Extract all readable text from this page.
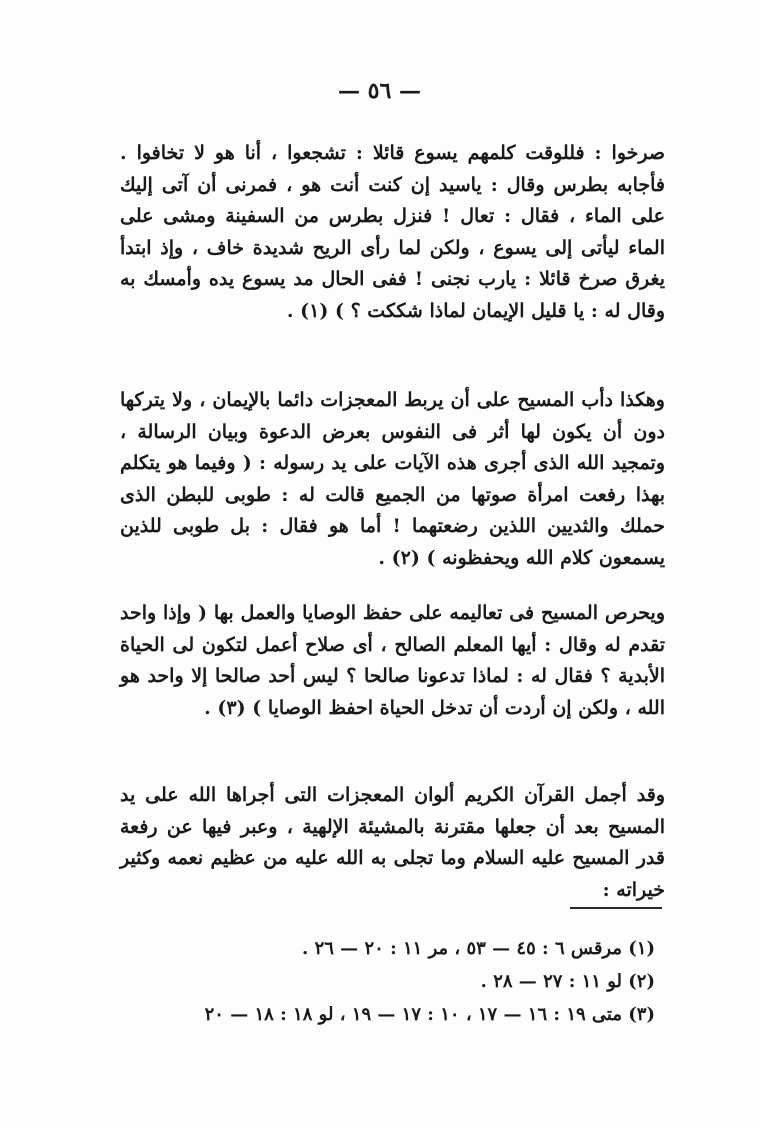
— ٥٦ —

صرخوا : فللوقت كلمهم يسوع قائلا : تشجعوا ، أنا هو لا تخافوا . فأجابه بطرس وقال : ياسيد إن كنت أنت هو ، فمرنى أن آتى إليك على الماء ، فقال : تعال ! فنزل بطرس من السفينة ومشى على الماء ليأتى إلى يسوع ، ولكن لما رأى الريح شديدة خاف ، وإذ ابتدأ يغرق صرخ قائلا : يارب نجنى ! ففى الحال مد يسوع يده وأمسك به وقال له : يا قليل الإيمان لماذا شككت ؟ ) (١) .

وهكذا دأب المسيح على أن يربط المعجزات دائما بالإيمان ، ولا يتركها دون أن يكون لها أثر فى النفوس بعرض الدعوة وبيان الرسالة ، وتمجيد الله الذى أجرى هذه الآيات على يد رسوله : ( وفيما هو يتكلم بهذا رفعت امرأة صوتها من الجميع قالت له : طوبى للبطن الذى حملك والثديين اللذين رضعتهما ! أما هو فقال : بل طوبى للذين يسمعون كلام الله ويحفظونه ) (٢) .

ويحرص المسيح فى تعاليمه على حفظ الوصايا والعمل بها ( وإذا واحد تقدم له وقال : أيها المعلم الصالح ، أى صلاح أعمل لتكون لى الحياة الأبدية ؟ فقال له : لماذا تدعونا صالحا ؟ ليس أحد صالحا إلا واحد هو الله ، ولكن إن أردت أن تدخل الحياة احفظ الوصايا ) (٣) .

وقد أجمل القرآن الكريم ألوان المعجزات التى أجراها الله على يد المسيح بعد أن جعلها مقترنة بالمشيئة الإلهية ، وعبر فيها عن رفعة قدر المسيح عليه السلام وما تجلى به الله عليه من عظيم نعمه وكثير خيراته :

(١) مرقس ٦ : ٤٥ — ٥٣ ، مر ١١ : ٢٠ — ٢٦ .

(٢) لو ١١ : ٢٧ — ٢٨ .

(٣) متى ١٩ : ١٦ — ١٧ ، ١٠ : ١٧ — ١٩ ، لو ١٨ : ١٨ — ٢٠
